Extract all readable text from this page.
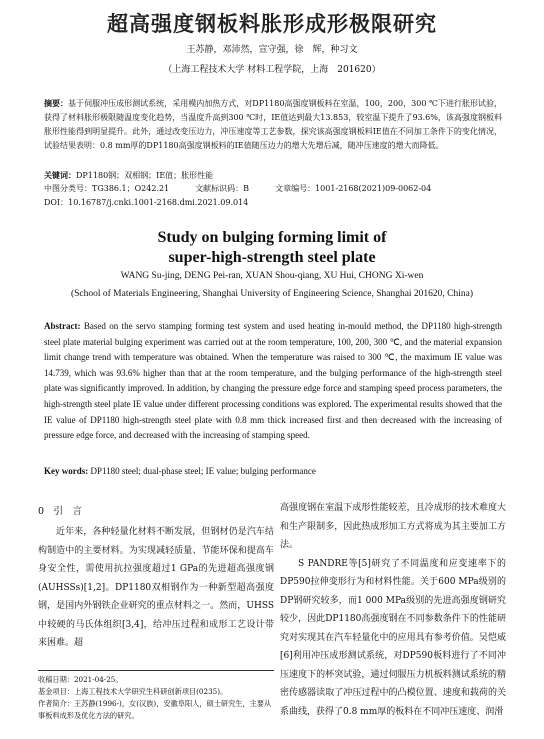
超高强度钢板料胀形成形极限研究
王苏静，邓沛然，宣守强，徐　辉，种习文
（上海工程技术大学 材料工程学院，上海　201620）
摘要：基于伺服冲压成形测试系统，采用模内加热方式，对DP1180高强度钢板料在室温，100，200，300 ℃下进行胀形试验，获得了材料胀形极限随温度变化趋势，当温度升高到300 ℃时，IE值达到最大13.853，较室温下提升了93.6%，该高强度钢板料胀形性能得到明显提升。此外，通过改变压边力，冲压速度等工艺参数，探究该高强度钢板料IE值在不同加工条件下的变化情况，试验结果表明：0.8 mm厚的DP1180高强度钢板料的IE值随压边力的增大先增后减，随冲压速度的增大而降低。
关键词：DP1180钢；双相钢；IE值；胀形性能
中图分类号：TG386.1；O242.21	文献标识码：B	文章编号：1001-2168(2021)09-0062-04
DOI：10.16787/j.cnki.1001-2168.dmi.2021.09.014
Study on bulging forming limit of
super-high-strength steel plate
WANG Su-jing, DENG Pei-ran, XUAN Shou-qiang, XU Hui, CHONG Xi-wen
(School of Materials Engineering, Shanghai University of Engineering Science, Shanghai 201620, China)
Abstract: Based on the servo stamping forming test system and used heating in-mould method, the DP1180 high-strength steel plate material bulging experiment was carried out at the room temperature, 100, 200, 300 ℃, and the material expansion limit change trend with temperature was obtained. When the temperature was raised to 300 ℃, the maximum IE value was 14.739, which was 93.6% higher than that at the room temperature, and the bulging performance of the high-strength steel plate was significantly improved. In addition, by changing the pressure edge force and stamping speed process parameters, the high-strength steel plate IE value under different processing conditions was explored. The experimental results showed that the IE value of DP1180 high-strength steel plate with 0.8 mm thick increased first and then decreased with the increasing of pressure edge force, and decreased with the increasing of stamping speed.
Key words: DP1180 steel; dual-phase steel; IE value; bulging performance
0　引　言
近年来，各种轻量化材料不断发展，但钢材仍是汽车结构制造中的主要材料。为实现减轻质量、节能环保和提高车身安全性，需使用抗拉强度超过1 GPa的先进超高强度钢(AUHSSs)[1,2]。DP1180双相钢作为一种新型超高强度钢，是国内外钢铁企业研究的重点材料之一。然而，UHSS中较硬的马氏体组织[3,4]，给冲压过程和成形工艺设计带来困难。超
高强度钢在室温下成形性能较差，且冷成形的技术难度大和生产限制多，因此热成形加工方式将成为其主要加工方法。
S PANDRE等[5]研究了不同温度和应变速率下的DP590拉伸变形行为和材料性能。关于600 MPa级别的DP钢研究较多，而1 000 MPa级别的先进高强度钢研究较少，因此DP1180高强度钢在不同参数条件下的性能研究对实现其在汽车轻量化中的应用具有参考价值。吴恺威[6]利用冲压成形测试系统，对DP590板料进行了不同冲压速度下的杯突试验，通过伺服压力机板料测试系统的精密传感器读取了冲压过程中的凸模位置、速度和载荷的关系曲线，获得了0.8 mm厚的板料在不同冲压速度、润滑
收稿日期：2021-04-25。
基金项目：上海工程技术大学研究生科研创新项目(0235)。
作者简介：王苏静(1996-)，女(汉族)，安徽阜阳人，硕士研究生，主要从事板料成形及优化方法的研究。
